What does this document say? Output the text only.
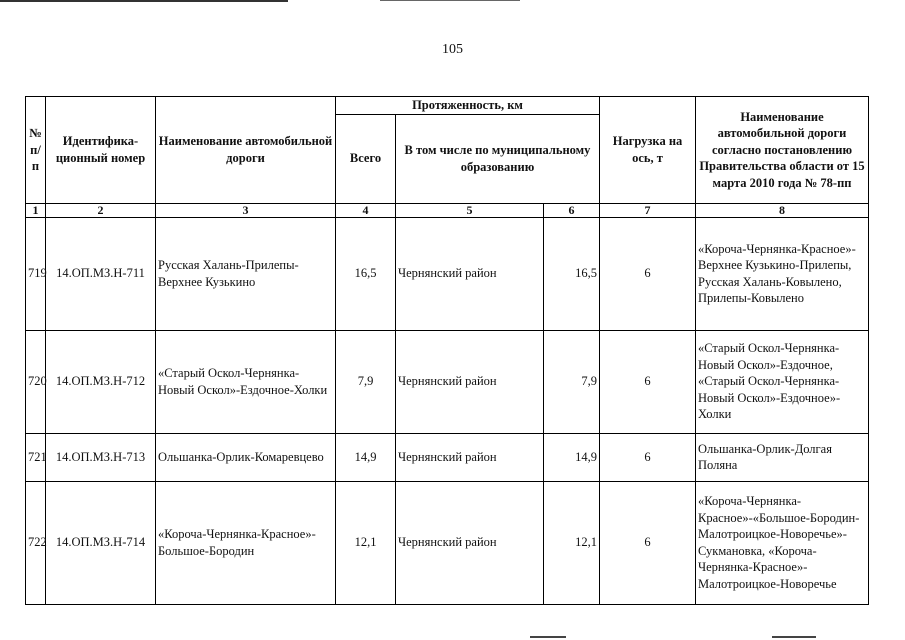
105
№ п/п	Идентифика-ционный номер	Наименование автомобильной дороги	Протяженность, км			Нагрузка на ось, т	Наименование автомобильной дороги согласно постановлению Правительства области от 15 марта 2010 года № 78-пп
			Всего	В том числе по муниципальному образованию			
1	2	3	4	5	6	7	8
719	14.ОП.МЗ.Н-711	Русская Халань-Прилепы-Верхнее Кузькино	16,5	Чернянский район	16,5	6	«Короча-Чернянка-Красное»-Верхнее Кузькино-Прилепы, Русская Халань-Ковылено, Прилепы-Ковылено
720	14.ОП.МЗ.Н-712	«Старый Оскол-Чернянка-Новый Оскол»-Ездочное-Холки	7,9	Чернянский район	7,9	6	«Старый Оскол-Чернянка-Новый Оскол»-Ездочное, «Старый Оскол-Чернянка-Новый Оскол»-Ездочное»-Холки
721	14.ОП.МЗ.Н-713	Ольшанка-Орлик-Комаревцево	14,9	Чернянский район	14,9	6	Ольшанка-Орлик-Долгая Поляна
722	14.ОП.МЗ.Н-714	«Короча-Чернянка-Красное»-Большое-Бородин	12,1	Чернянский район	12,1	6	«Короча-Чернянка-Красное»-«Большое-Бородин-Малотроицкое-Новоречье»-Сукмановка, «Короча-Чернянка-Красное»-Малотроицкое-Новоречье
